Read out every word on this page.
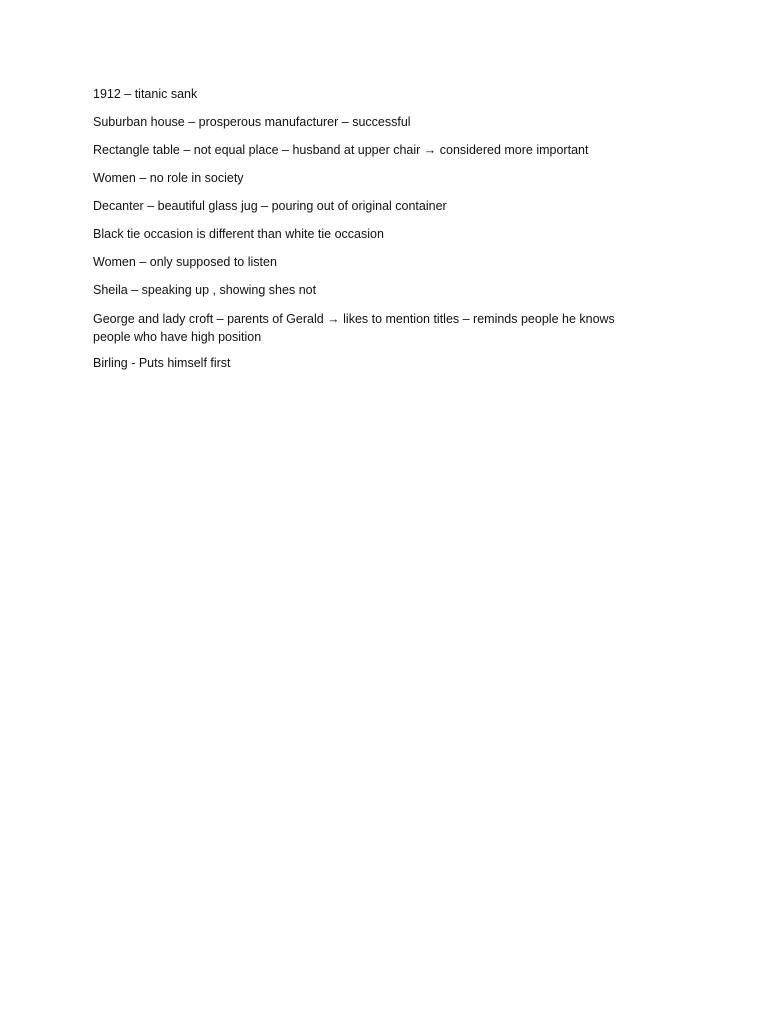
1912 – titanic sank

Suburban house – prosperous manufacturer – successful

Rectangle table – not equal place – husband at upper chair → considered more important

Women – no role in society

Decanter – beautiful glass jug – pouring out of original container

Black tie occasion is different than white tie occasion

Women – only supposed to listen

Sheila – speaking up , showing shes not

George and lady croft – parents of Gerald → likes to mention titles – reminds people he knows people who have high position

Birling - Puts himself first
